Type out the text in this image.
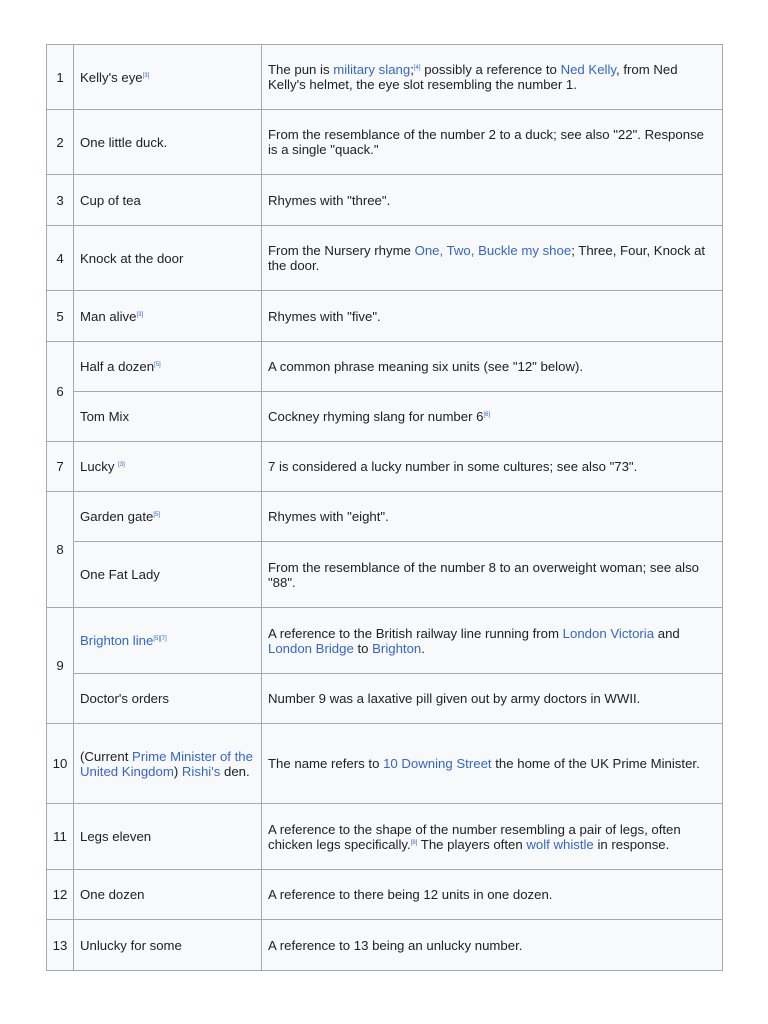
1	Kelly's eye[3]	The pun is military slang;[4] possibly a reference to Ned Kelly, from Ned Kelly's helmet, the eye slot resembling the number 1.
2	One little duck.	From the resemblance of the number 2 to a duck; see also "22". Response is a single "quack."
3	Cup of tea	Rhymes with "three".
4	Knock at the door	From the Nursery rhyme One, Two, Buckle my shoe; Three, Four, Knock at the door.
5	Man alive[3]	Rhymes with "five".
6	Half a dozen[5]	A common phrase meaning six units (see "12" below).
	Tom Mix	Cockney rhyming slang for number 6[6]
7	Lucky [3]	7 is considered a lucky number in some cultures; see also "73".
8	Garden gate[5]	Rhymes with "eight".
	One Fat Lady	From the resemblance of the number 8 to an overweight woman; see also "88".
9	Brighton line[5][7]	A reference to the British railway line running from London Victoria and London Bridge to Brighton.
	Doctor's orders	Number 9 was a laxative pill given out by army doctors in WWII.
10	(Current Prime Minister of the United Kingdom) Rishi's den.	The name refers to 10 Downing Street the home of the UK Prime Minister.
11	Legs eleven	A reference to the shape of the number resembling a pair of legs, often chicken legs specifically.[8] The players often wolf whistle in response.
12	One dozen	A reference to there being 12 units in one dozen.
13	Unlucky for some	A reference to 13 being an unlucky number.
